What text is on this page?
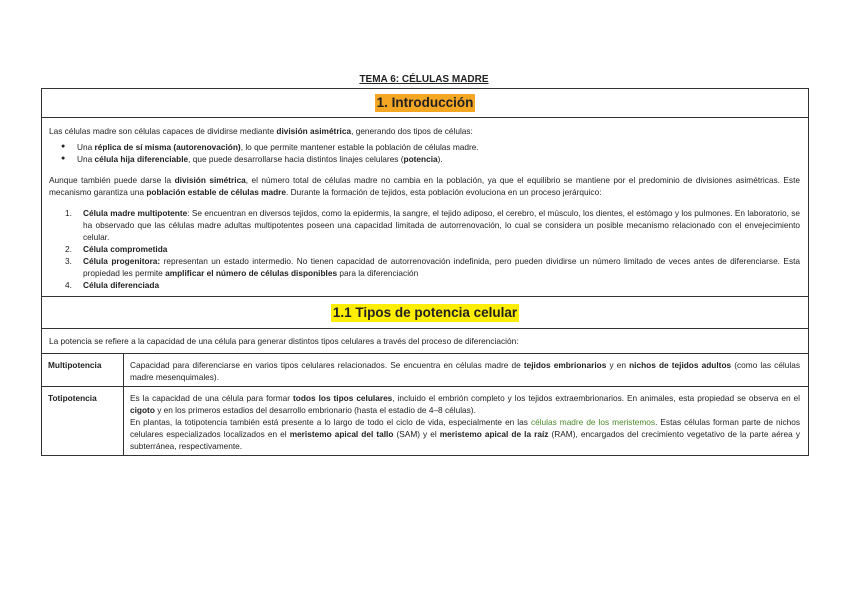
TEMA 6: CÉLULAS MADRE
1. Introducción
Las células madre son células capaces de dividirse mediante división asimétrica, generando dos tipos de células:
● Una réplica de sí misma (autorenovación), lo que permite mantener estable la población de células madre.
● Una célula hija diferenciable, que puede desarrollarse hacia distintos linajes celulares (potencia).
Aunque también puede darse la división simétrica, el número total de células madre no cambia en la población, ya que el equilibrio se mantiene por el predominio de divisiones asimétricas. Este mecanismo garantiza una población estable de células madre. Durante la formación de tejidos, esta población evoluciona en un proceso jerárquico:
1. Célula madre multipotente: Se encuentran en diversos tejidos, como la epidermis, la sangre, el tejido adiposo, el cerebro, el músculo, los dientes, el estómago y los pulmones. En laboratorio, se ha observado que las células madre adultas multipotentes poseen una capacidad limitada de autorrenovación, lo cual se considera un posible mecanismo relacionado con el envejecimiento celular.
2. Célula comprometida
3. Célula progenitora: representan un estado intermedio. No tienen capacidad de autorrenovación indefinida, pero pueden dividirse un número limitado de veces antes de diferenciarse. Esta propiedad les permite amplificar el número de células disponibles para la diferenciación
4. Célula diferenciada
1.1 Tipos de potencia celular
La potencia se refiere a la capacidad de una célula para generar distintos tipos celulares a través del proceso de diferenciación:
Multipotencia	Capacidad para diferenciarse en varios tipos celulares relacionados. Se encuentra en células madre de tejidos embrionarios y en nichos de tejidos adultos (como las células madre mesenquimales).
Totipotencia	Es la capacidad de una célula para formar todos los tipos celulares, incluido el embrión completo y los tejidos extraembrionarios. En animales, esta propiedad se observa en el cigoto y en los primeros estadios del desarrollo embrionario (hasta el estadio de 4–8 células).
En plantas, la totipotencia también está presente a lo largo de todo el ciclo de vida, especialmente en las células madre de los meristemos. Estas células forman parte de nichos celulares especializados localizados en el meristemo apical del tallo (SAM) y el meristemo apical de la raíz (RAM), encargados del crecimiento vegetativo de la parte aérea y subterránea, respectivamente.
